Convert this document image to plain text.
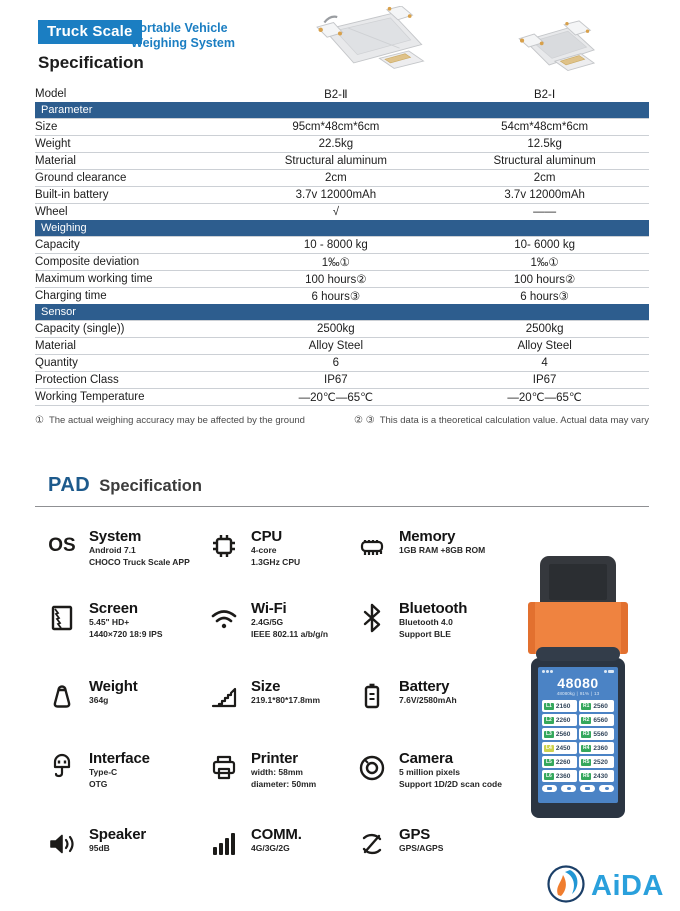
Truck Scale
Portable Vehicle
Weighing System
Specification
Model	B2-Ⅱ	B2-Ⅰ
Parameter		
Size	95cm*48cm*6cm	54cm*48cm*6cm
Weight	22.5kg	12.5kg
Material	Structural aluminum	Structural aluminum
Ground clearance	2cm	2cm
Built-in battery	3.7v 12000mAh	3.7v 12000mAh
Wheel	√	——
Weighing		
Capacity	10 - 8000 kg	10- 6000 kg
Composite deviation	1‰①	1‰①
Maximum working time	100 hours②	100 hours②
Charging time	6 hours③	6 hours③
Sensor		
Capacity (single))	2500kg	2500kg
Material	Alloy Steel	Alloy Steel
Quantity	6	4
Protection Class	IP67	IP67
Working Temperature	—20℃—65℃	—20℃—65℃
① The actual weighing accuracy may be affected by the ground	② ③ This data is a theoretical calculation value. Actual data may vary
PAD Specification
OS System
Android 7.1
CHOCO Truck Scale APP
CPU
4-core
1.3GHz CPU
Memory
1GB RAM +8GB ROM
Screen
5.45" HD+
1440×720 18:9 IPS
Wi-Fi
2.4G/5G
IEEE 802.11 a/b/g/n
Bluetooth
Bluetooth 4.0
Support BLE
Weight
364g
Size
219.1*80*17.8mm
Battery
7.6V/2580mAh
Interface
Type-C
OTG
Printer
width: 58mm
diameter: 50mm
Camera
5 million pixels
Support 1D/2D scan code
Speaker
95dB
COMM.
4G/3G/2G
GPS
GPS/AGPS
48080
48080kg ∣ 91% ∣ 13
L1 2160	R1 2560
L2 2260	R2 6560
L3 2560	R3 5560
L4 2450	R4 2360
L5 2260	R5 2520
L6 2360	R6 2430
AiDA
